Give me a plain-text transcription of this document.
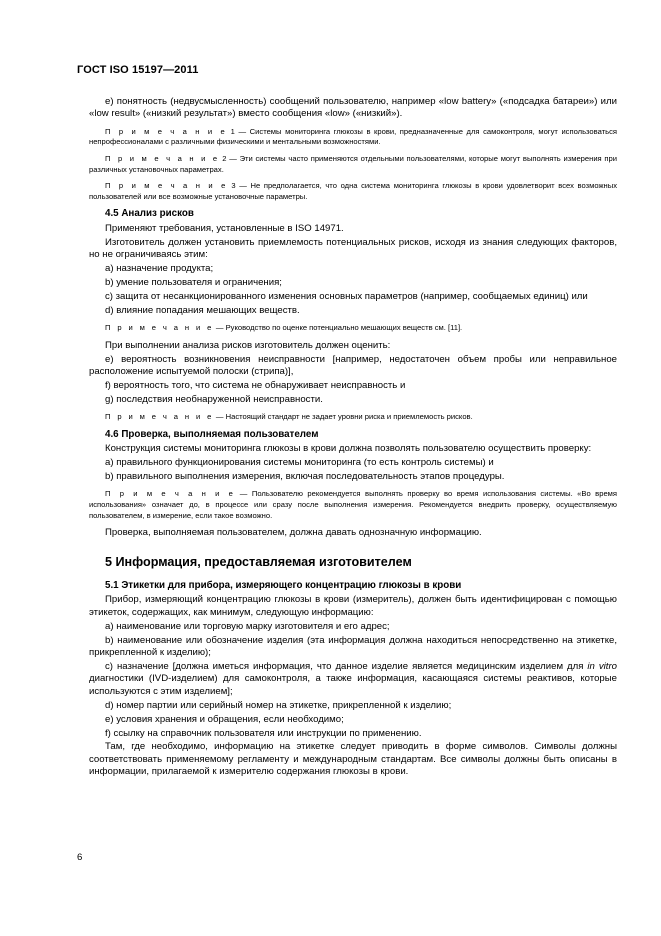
ГОСТ ISO 15197—2011

e) понятность (недвусмысленность) сообщений пользователю, например «low battery» («подсадка батареи») или «low result» («низкий результат») вместо сообщения «low» («низкий»).

П р и м е ч а н и е 1 — Системы мониторинга глюкозы в крови, предназначенные для самоконтроля, могут использоваться непрофессионалами с различными физическими и ментальными возможностями.

П р и м е ч а н и е 2 — Эти системы часто применяются отдельными пользователями, которые могут выполнять измерения при различных установочных параметрах.

П р и м е ч а н и е 3 — Не предполагается, что одна система мониторинга глюкозы в крови удовлетворит всех возможных пользователей или все возможные установочные параметры.

4.5 Анализ рисков

Применяют требования, установленные в ISO 14971.

Изготовитель должен установить приемлемость потенциальных рисков, исходя из знания следующих факторов, но не ограничиваясь этим:

а) назначение продукта;

b) умение пользователя и ограничения;

с) защита от несанкционированного изменения основных параметров (например, сообщаемых единиц) или

d) влияние попадания мешающих веществ.

П р и м е ч а н и е — Руководство по оценке потенциально мешающих веществ см. [11].

При выполнении анализа рисков изготовитель должен оценить:

е) вероятность возникновения неисправности [например, недостаточен объем пробы или неправильное расположение испытуемой полоски (стрипа)],

f) вероятность того, что система не обнаруживает неисправность и

g) последствия необнаруженной неисправности.

П р и м е ч а н и е — Настоящий стандарт не задает уровни риска и приемлемость рисков.

4.6 Проверка, выполняемая пользователем

Конструкция системы мониторинга глюкозы в крови должна позволять пользователю осуществить проверку:

а) правильного функционирования системы мониторинга (то есть контроль системы) и

b) правильного выполнения измерения, включая последовательность этапов процедуры.

П р и м е ч а н и е — Пользователю рекомендуется выполнять проверку во время использования системы. «Во время использования» означает до, в процессе или сразу после выполнения измерения. Рекомендуется внедрить проверку, осуществляемую пользователем, в измерение, если такое возможно.

Проверка, выполняемая пользователем, должна давать однозначную информацию.

5 Информация, предоставляемая изготовителем
5.1 Этикетки для прибора, измеряющего концентрацию глюкозы в крови

Прибор, измеряющий концентрацию глюкозы в крови (измеритель), должен быть идентифицирован с помощью этикеток, содержащих, как минимум, следующую информацию:

а) наименование или торговую марку изготовителя и его адрес;

b) наименование или обозначение изделия (эта информация должна находиться непосредственно на этикетке, прикрепленной к изделию);

с) назначение [должна иметься информация, что данное изделие является медицинским изделием для in vitro диагностики (IVD-изделием) для самоконтроля, а также информация, касающаяся системы реактивов, которые используются с этим изделием];

d) номер партии или серийный номер на этикетке, прикрепленной к изделию;

е) условия хранения и обращения, если необходимо;

f) ссылку на справочник пользователя или инструкции по применению.

Там, где необходимо, информацию на этикетке следует приводить в форме символов. Символы должны соответствовать применяемому регламенту и международным стандартам. Все символы должны быть описаны в информации, прилагаемой к измерителю содержания глюкозы в крови.

6
